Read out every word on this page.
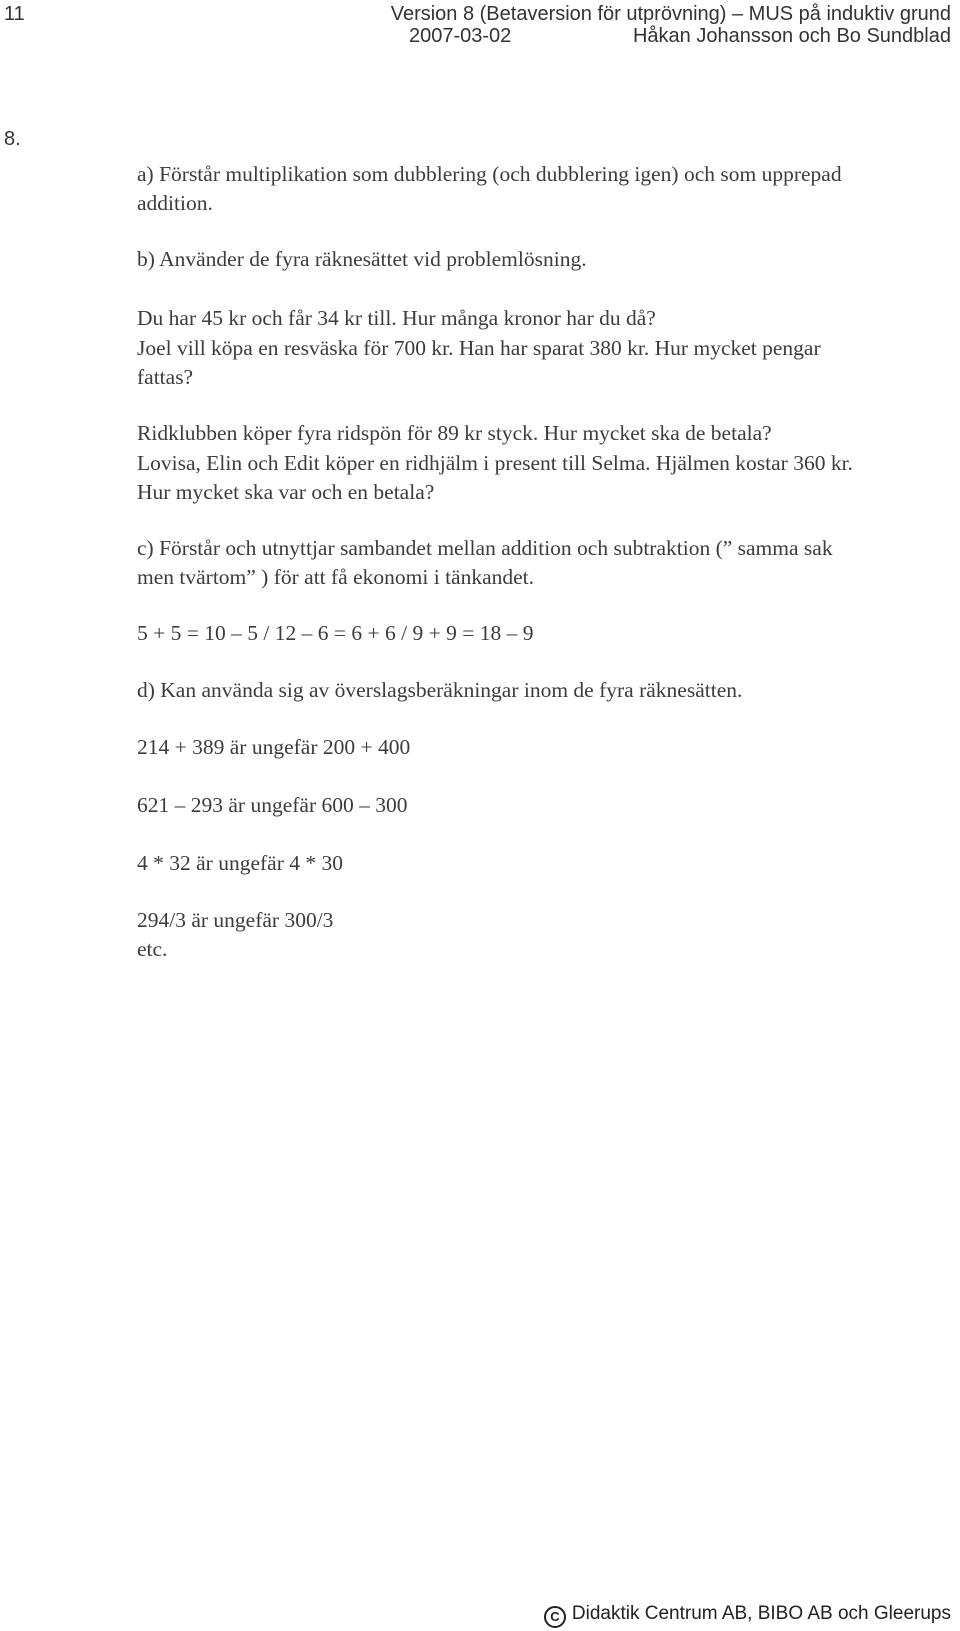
11	Version 8 (Betaversion för utprövning) – MUS på induktiv grund
2007-03-02	Håkan Johansson och Bo Sundblad
8.
a) Förstår multiplikation som dubblering (och dubblering igen) och som upprepad
addition.
b) Använder de fyra räknesättet vid problemlösning.
Du har 45 kr och får 34 kr till. Hur många kronor har du då?
Joel vill köpa en resväska för 700 kr. Han har sparat 380 kr. Hur mycket pengar
fattas?
Ridklubben köper fyra ridspön för 89 kr styck. Hur mycket ska de betala?
Lovisa, Elin och Edit köper en ridhjälm i present till Selma. Hjälmen kostar 360 kr.
Hur mycket ska var och en betala?
c) Förstår och utnyttjar sambandet mellan addition och subtraktion (” samma sak
men tvärtom” ) för att få ekonomi i tänkandet.
5 + 5 = 10 – 5 / 12 – 6 = 6 + 6 / 9 + 9 = 18 – 9
d) Kan använda sig av överslagsberäkningar inom de fyra räknesätten.
214 + 389 är ungefär 200 + 400
621 – 293 är ungefär 600 – 300
4 * 32 är ungefär 4 * 30
294/3 är ungefär 300/3
etc.
C Didaktik Centrum AB, BIBO AB och Gleerups
